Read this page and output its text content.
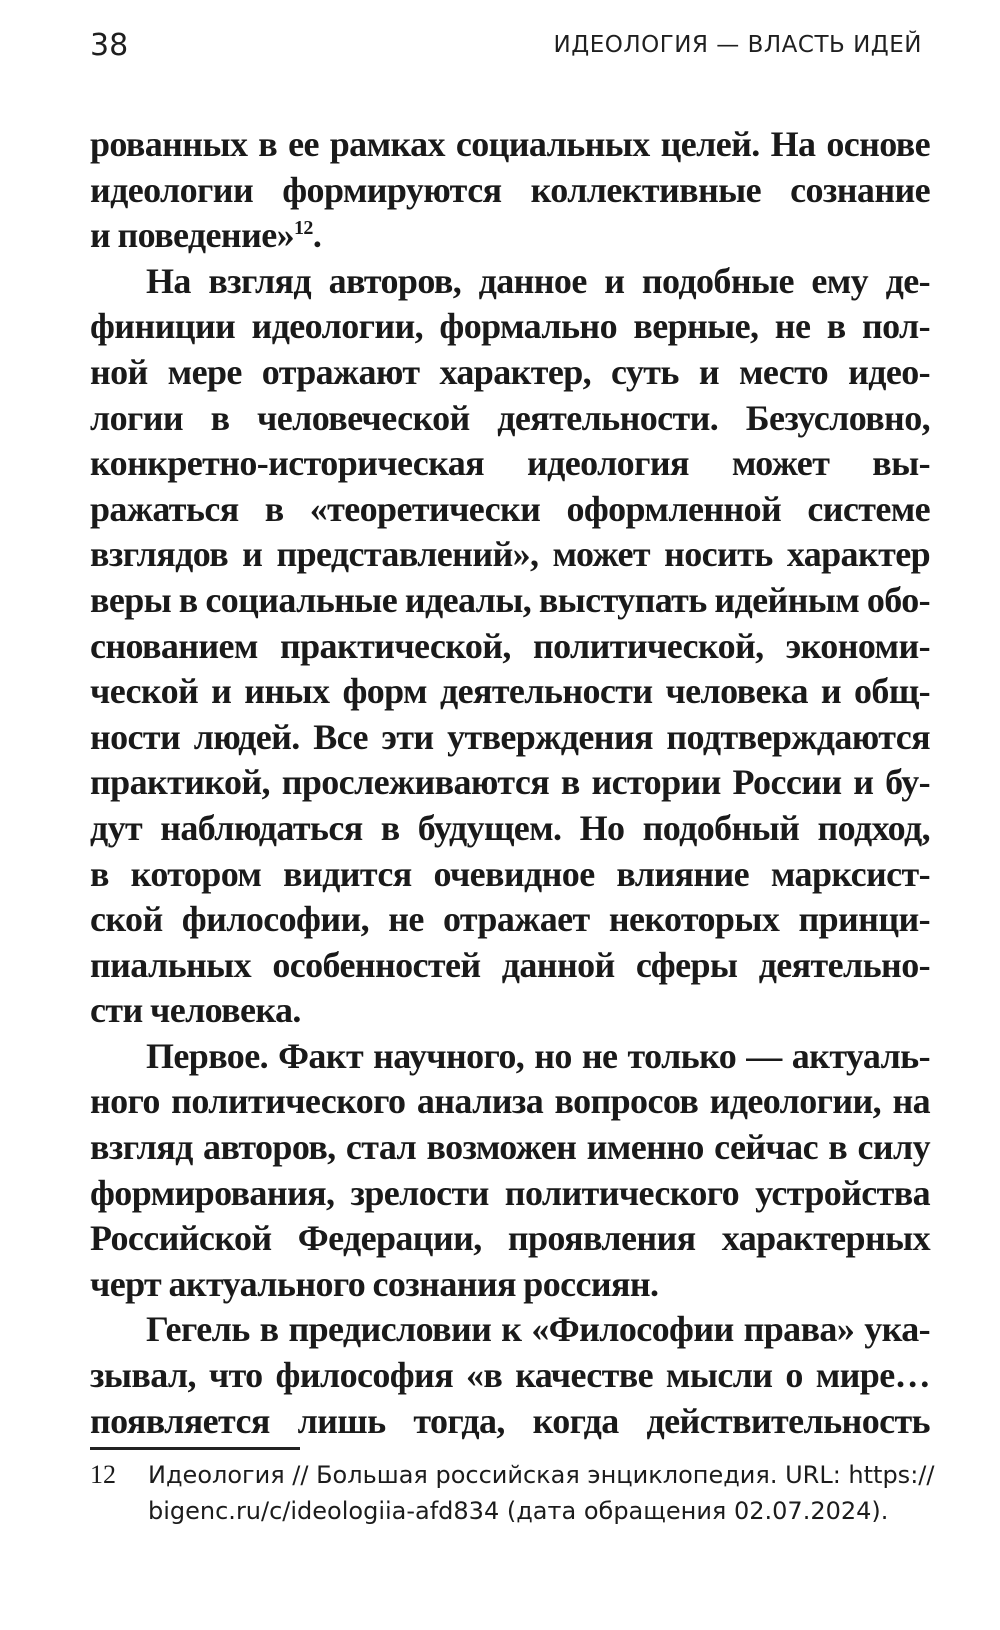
38	ИДЕОЛОГИЯ — ВЛАСТЬ ИДЕЙ
рованных в ее рамках социальных целей. На основе
идеологии формируются коллективные сознание
и поведение»$^{12}$.
На взгляд авторов, данное и подобные ему де-
финиции идеологии, формально верные, не в пол-
ной мере отражают характер, суть и место идео-
логии в человеческой деятельности. Безусловно,
конкретно-историческая идеология может вы-
ражаться в «теоретически оформленной системе
взглядов и представлений», может носить характер
веры в социальные идеалы, выступать идейным обо-
снованием практической, политической, экономи-
ческой и иных форм деятельности человека и общ-
ности людей. Все эти утверждения подтверждаются
практикой, прослеживаются в истории России и бу-
дут наблюдаться в будущем. Но подобный подход,
в котором видится очевидное влияние марксист-
ской философии, не отражает некоторых принци-
пиальных особенностей данной сферы деятельно-
сти человека.
Первое. Факт научного, но не только — актуаль-
ного политического анализа вопросов идеологии, на
взгляд авторов, стал возможен именно сейчас в силу
формирования, зрелости политического устройства
Российской Федерации, проявления характерных
черт актуального сознания россиян.
Гегель в предисловии к «Философии права» ука-
зывал, что философия «в качестве мысли о мире…
появляется лишь тогда, когда действительность
12 Идеология // Большая российская энциклопедия. URL: https://
bigenc.ru/c/ideologiia-afd834 (дата обращения 02.07.2024).
